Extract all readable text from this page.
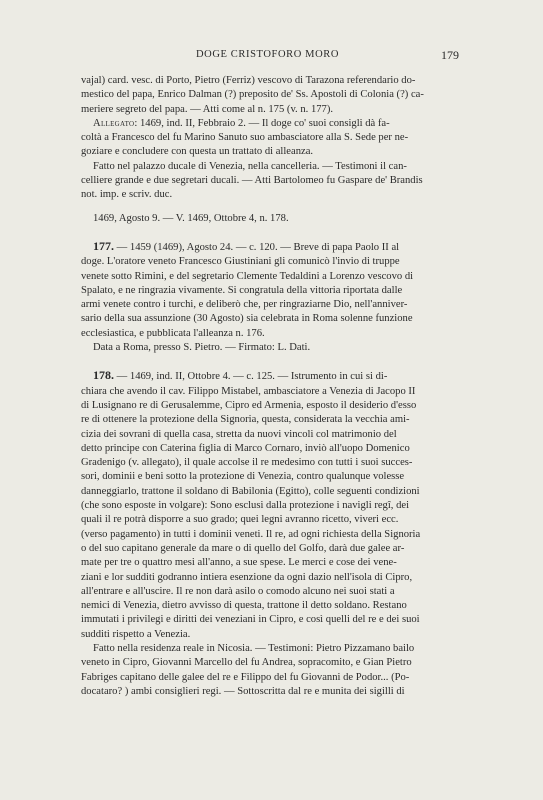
DOGE CRISTOFORO MORO	179
vajal) card. vesc. di Porto, Pietro (Ferriz) vescovo di Tarazona referendario do-
mestico del papa, Enrico Dalman (?) preposito de' Ss. Apostoli di Colonia (?) ca-
meriere segreto del papa. — Atti come al n. 175 (v. n. 177).
Allegato: 1469, ind. II, Febbraio 2. — Il doge co' suoi consigli dà fa-
coltà a Francesco del fu Marino Sanuto suo ambasciatore alla S. Sede per ne-
goziare e concludere con questa un trattato di alleanza.
Fatto nel palazzo ducale di Venezia, nella cancelleria. — Testimoni il can-
celliere grande e due segretari ducali. — Atti Bartolomeo fu Gaspare de' Brandis
not. imp. e scriv. duc.
1469, Agosto 9. — V. 1469, Ottobre 4, n. 178.
177. — 1459 (1469), Agosto 24. — c. 120. — Breve di papa Paolo II al
doge. L'oratore veneto Francesco Giustiniani gli comunicò l'invio di truppe
venete sotto Rimini, e del segretario Clemente Tedaldini a Lorenzo vescovo di
Spalato, e ne ringrazia vivamente. Si congratula della vittoria riportata dalle
armi venete contro i turchi, e deliberò che, per ringraziarne Dio, nell'anniver-
sario della sua assunzione (30 Agosto) sia celebrata in Roma solenne funzione
ecclesiastica, e pubblicata l'alleanza n. 176.
Data a Roma, presso S. Pietro. — Firmato: L. Dati.
178. — 1469, ind. II, Ottobre 4. — c. 125. — Istrumento in cui si di-
chiara che avendo il cav. Filippo Mistabel, ambasciatore a Venezia di Jacopo II
di Lusignano re di Gerusalemme, Cipro ed Armenia, esposto il desiderio d'esso
re di ottenere la protezione della Signoria, questa, considerata la vecchia ami-
cizia dei sovrani di quella casa, stretta da nuovi vincoli col matrimonio del
detto principe con Caterina figlia di Marco Cornaro, inviò all'uopo Domenico
Gradenigo (v. allegato), il quale accolse il re medesimo con tutti i suoi succes-
sori, dominii e beni sotto la protezione di Venezia, contro qualunque volesse
danneggiarlo, trattone il soldano di Babilonia (Egitto), colle seguenti condizioni
(che sono esposte in volgare): Sono esclusi dalla protezione i navigli regî, dei
quali il re potrà disporre a suo grado; quei legni avranno ricetto, viveri ecc.
(verso pagamento) in tutti i dominii veneti. Il re, ad ogni richiesta della Signoria
o del suo capitano generale da mare o di quello del Golfo, darà due galee ar-
mate per tre o quattro mesi all'anno, a sue spese. Le merci e cose dei vene-
ziani e lor sudditi godranno intiera esenzione da ogni dazio nell'isola di Cipro,
all'entrare e all'uscire. Il re non darà asilo o comodo alcuno nei suoi stati a
nemici di Venezia, dietro avvisso di questa, trattone il detto soldano. Restano
immutati i privilegi e diritti dei veneziani in Cipro, e così quelli del re e dei suoi
sudditi rispetto a Venezia.
Fatto nella residenza reale in Nicosia. — Testimoni: Pietro Pizzamano bailo
veneto in Cipro, Giovanni Marcello del fu Andrea, sopracomito, e Gian Pietro
Fabriges capitano delle galee del re e Filippo del fu Giovanni de Podor... (Po-
docataro? ) ambi consiglieri regi. — Sottoscritta dal re e munita dei sigilli di
